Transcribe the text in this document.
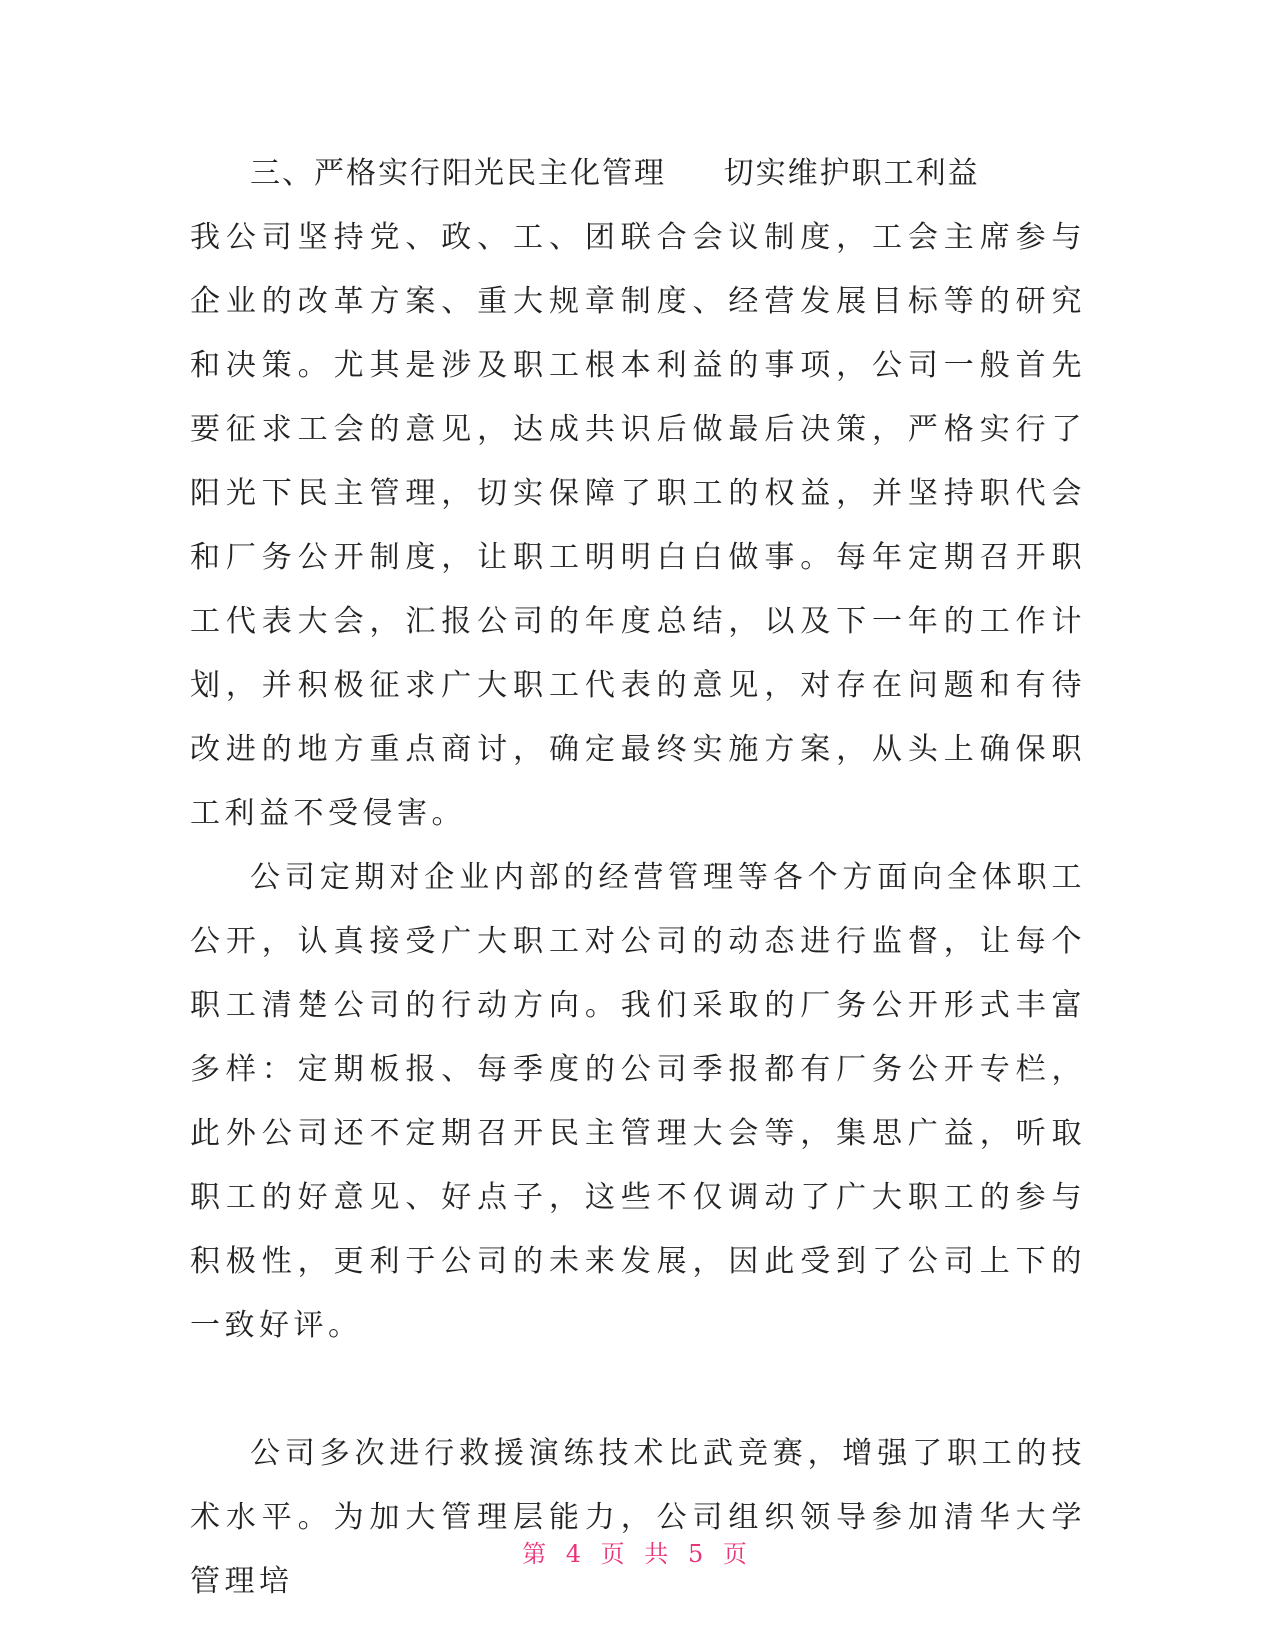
三、严格实行阳光民主化管理     切实维护职工利益

我公司坚持党、政、工、团联合会议制度，工会主席参与企业的改革方案、重大规章制度、经营发展目标等的研究和决策。尤其是涉及职工根本利益的事项，公司一般首先要征求工会的意见，达成共识后做最后决策，严格实行了阳光下民主管理，切实保障了职工的权益，并坚持职代会和厂务公开制度，让职工明明白白做事。每年定期召开职工代表大会，汇报公司的年度总结，以及下一年的工作计划，并积极征求广大职工代表的意见，对存在问题和有待改进的地方重点商讨，确定最终实施方案，从头上确保职工利益不受侵害。

公司定期对企业内部的经营管理等各个方面向全体职工公开，认真接受广大职工对公司的动态进行监督，让每个职工清楚公司的行动方向。我们采取的厂务公开形式丰富多样：定期板报、每季度的公司季报都有厂务公开专栏，此外公司还不定期召开民主管理大会等，集思广益，听取职工的好意见、好点子，这些不仅调动了广大职工的参与积极性，更利于公司的未来发展，因此受到了公司上下的一致好评。

公司多次进行救援演练技术比武竞赛，增强了职工的技术水平。为加大管理层能力，公司组织领导参加清华大学管理培

第 4 页 共 5 页
